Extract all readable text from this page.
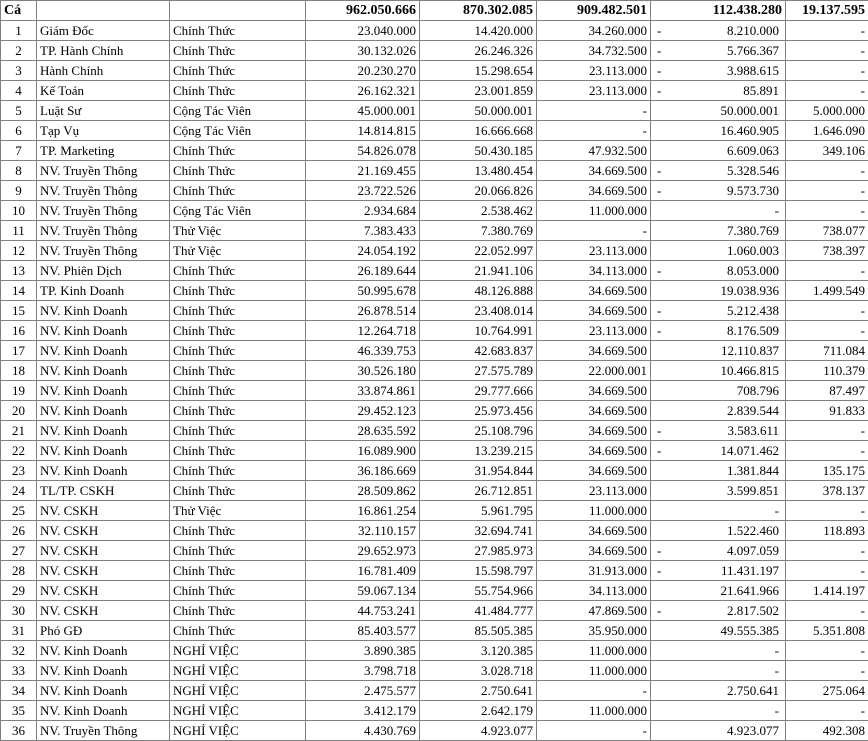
Cá			962.050.666	870.302.085	909.482.501	112.438.280	19.137.595
1	Giám Đốc	Chính Thức	23.040.000	14.420.000	34.260.000	- 8.210.000	-
2	TP. Hành Chính	Chính Thức	30.132.026	26.246.326	34.732.500	- 5.766.367	-
3	Hành Chính	Chính Thức	20.230.270	15.298.654	23.113.000	- 3.988.615	-
4	Kế Toán	Chính Thức	26.162.321	23.001.859	23.113.000	- 85.891	-
5	Luật Sư	Cộng Tác Viên	45.000.001	50.000.001	-	50.000.001	5.000.000
6	Tạp Vụ	Cộng Tác Viên	14.814.815	16.666.668	-	16.460.905	1.646.090
7	TP. Marketing	Chính Thức	54.826.078	50.430.185	47.932.500	6.609.063	349.106
8	NV. Truyền Thông	Chính Thức	21.169.455	13.480.454	34.669.500	- 5.328.546	-
9	NV. Truyền Thông	Chính Thức	23.722.526	20.066.826	34.669.500	- 9.573.730	-
10	NV. Truyền Thông	Cộng Tác Viên	2.934.684	2.538.462	11.000.000	-	-
11	NV. Truyền Thông	Thử Việc	7.383.433	7.380.769	-	7.380.769	738.077
12	NV. Truyền Thông	Thử Việc	24.054.192	22.052.997	23.113.000	1.060.003	738.397
13	NV. Phiên Dịch	Chính Thức	26.189.644	21.941.106	34.113.000	- 8.053.000	-
14	TP. Kinh Doanh	Chính Thức	50.995.678	48.126.888	34.669.500	19.038.936	1.499.549
15	NV. Kinh Doanh	Chính Thức	26.878.514	23.408.014	34.669.500	- 5.212.438	-
16	NV. Kinh Doanh	Chính Thức	12.264.718	10.764.991	23.113.000	- 8.176.509	-
17	NV. Kinh Doanh	Chính Thức	46.339.753	42.683.837	34.669.500	12.110.837	711.084
18	NV. Kinh Doanh	Chính Thức	30.526.180	27.575.789	22.000.001	10.466.815	110.379
19	NV. Kinh Doanh	Chính Thức	33.874.861	29.777.666	34.669.500	708.796	87.497
20	NV. Kinh Doanh	Chính Thức	29.452.123	25.973.456	34.669.500	2.839.544	91.833
21	NV. Kinh Doanh	Chính Thức	28.635.592	25.108.796	34.669.500	- 3.583.611	-
22	NV. Kinh Doanh	Chính Thức	16.089.900	13.239.215	34.669.500	- 14.071.462	-
23	NV. Kinh Doanh	Chính Thức	36.186.669	31.954.844	34.669.500	1.381.844	135.175
24	TL/TP. CSKH	Chính Thức	28.509.862	26.712.851	23.113.000	3.599.851	378.137
25	NV. CSKH	Thử Việc	16.861.254	5.961.795	11.000.000	-	-
26	NV. CSKH	Chính Thức	32.110.157	32.694.741	34.669.500	1.522.460	118.893
27	NV. CSKH	Chính Thức	29.652.973	27.985.973	34.669.500	- 4.097.059	-
28	NV. CSKH	Chính Thức	16.781.409	15.598.797	31.913.000	- 11.431.197	-
29	NV. CSKH	Chính Thức	59.067.134	55.754.966	34.113.000	21.641.966	1.414.197
30	NV. CSKH	Chính Thức	44.753.241	41.484.777	47.869.500	- 2.817.502	-
31	Phó GĐ	Chính Thức	85.403.577	85.505.385	35.950.000	49.555.385	5.351.808
32	NV. Kinh Doanh	NGHỈ VIỆC	3.890.385	3.120.385	11.000.000	-	-
33	NV. Kinh Doanh	NGHỈ VIỆC	3.798.718	3.028.718	11.000.000	-	-
34	NV. Kinh Doanh	NGHỈ VIỆC	2.475.577	2.750.641	-	2.750.641	275.064
35	NV. Kinh Doanh	NGHỈ VIỆC	3.412.179	2.642.179	11.000.000	-	-
36	NV. Truyền Thông	NGHỈ VIỆC	4.430.769	4.923.077	-	4.923.077	492.308
